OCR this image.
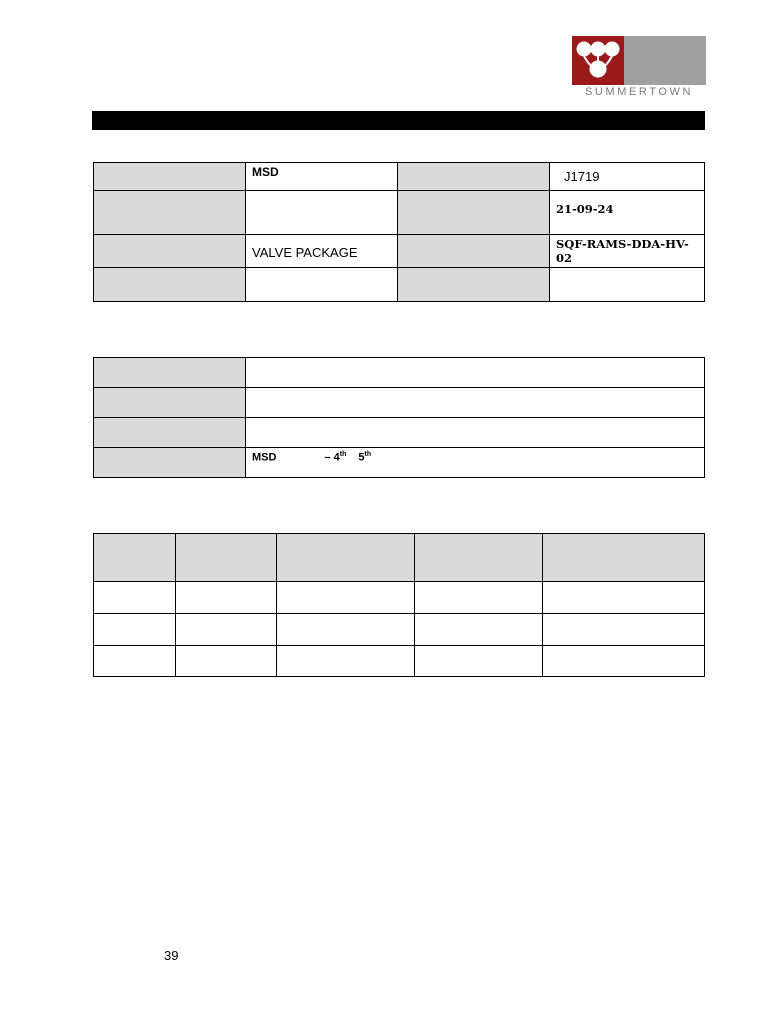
SUMMERTOWN
	MSD		J1719
			21-09-24
	VALVE PACKAGE		SQF-RAMS-DDA-HV-02

	MSD – 4th 5th

39
